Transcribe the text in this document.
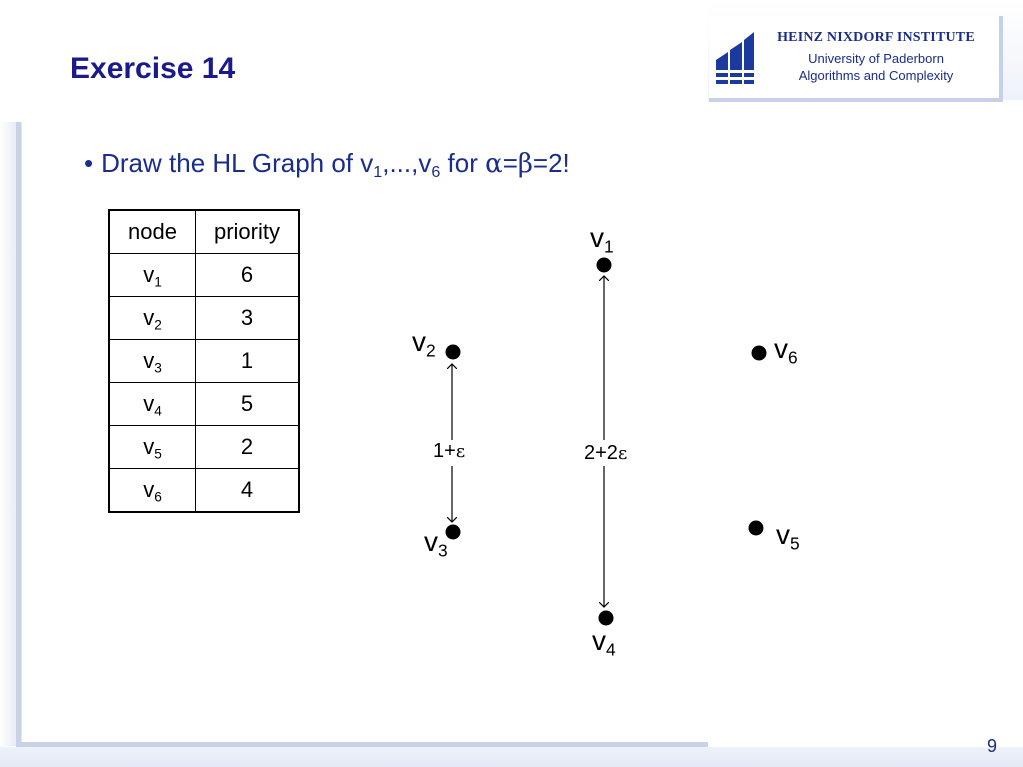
Exercise 14
HEINZ NIXDORF INSTITUTE
University of Paderborn
Algorithms and Complexity
• Draw the HL Graph of $v_1,...,v_6$ for α=β=2!
node	priority
$v_1$	6
$v_2$	3
$v_3$	1
$v_4$	5
$v_5$	2
$v_6$	4
$v_1$
$v_2$
$v_3$
$v_4$
$v_5$
$v_6$
1+ε	2+2ε
9
